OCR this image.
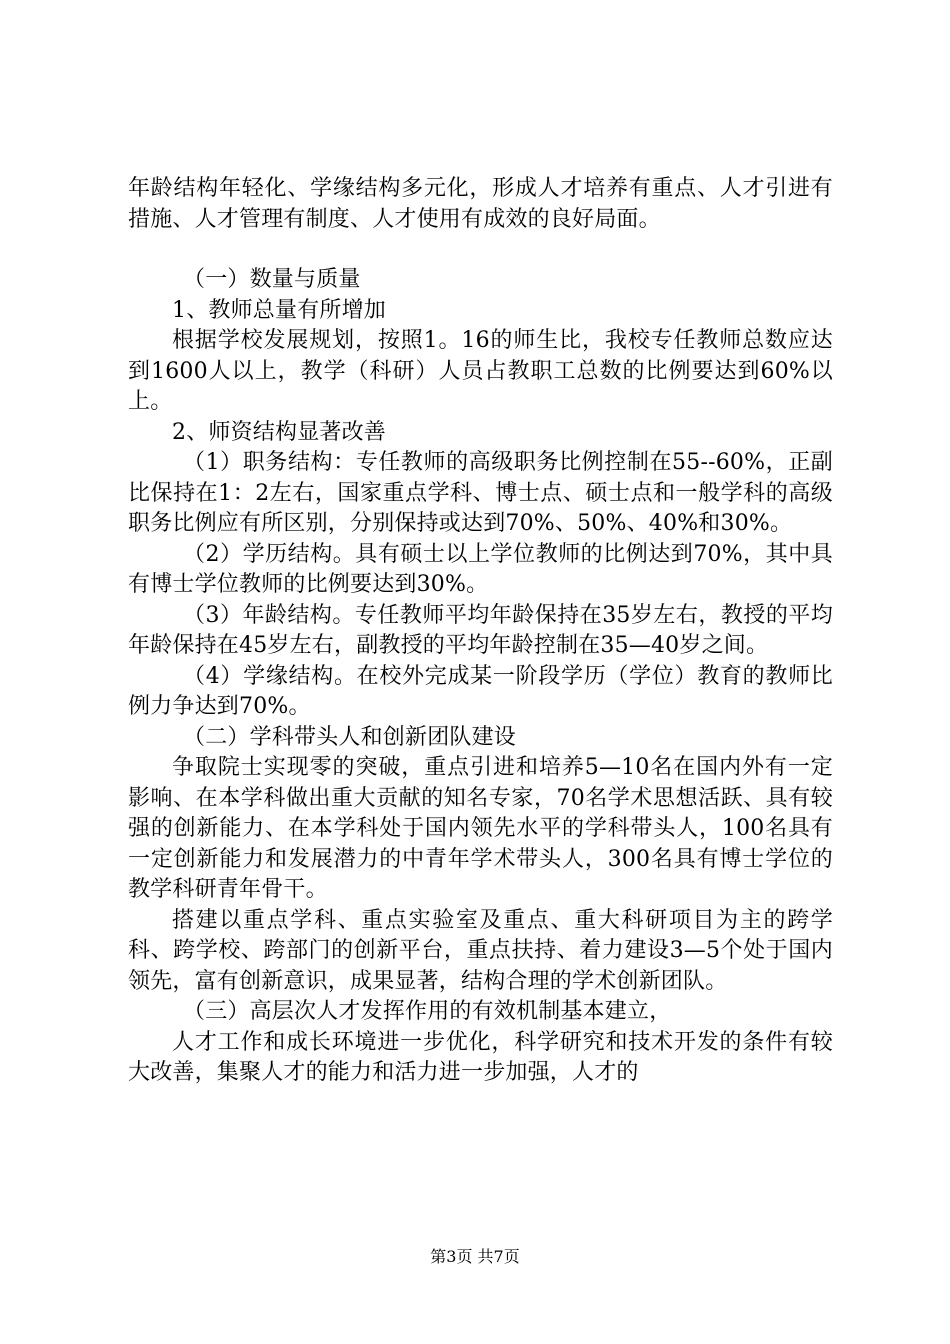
年龄结构年轻化、学缘结构多元化，形成人才培养有重点、人才引进有措施、人才管理有制度、人才使用有成效的良好局面。

（一）数量与质量

1、教师总量有所增加

根据学校发展规划，按照1。16的师生比，我校专任教师总数应达到1600人以上，教学（科研）人员占教职工总数的比例要达到60%以上。

2、师资结构显著改善

（1）职务结构：专任教师的高级职务比例控制在55--60%，正副比保持在1：2左右，国家重点学科、博士点、硕士点和一般学科的高级职务比例应有所区别，分别保持或达到70%、50%、40%和30%。

（2）学历结构。具有硕士以上学位教师的比例达到70%，其中具有博士学位教师的比例要达到30%。

（3）年龄结构。专任教师平均年龄保持在35岁左右，教授的平均年龄保持在45岁左右，副教授的平均年龄控制在35—40岁之间。

（4）学缘结构。在校外完成某一阶段学历（学位）教育的教师比例力争达到70%。

（二）学科带头人和创新团队建设

争取院士实现零的突破，重点引进和培养5—10名在国内外有一定影响、在本学科做出重大贡献的知名专家，70名学术思想活跃、具有较强的创新能力、在本学科处于国内领先水平的学科带头人，100名具有一定创新能力和发展潜力的中青年学术带头人，300名具有博士学位的教学科研青年骨干。

搭建以重点学科、重点实验室及重点、重大科研项目为主的跨学科、跨学校、跨部门的创新平台，重点扶持、着力建设3—5个处于国内领先，富有创新意识，成果显著，结构合理的学术创新团队。

（三）高层次人才发挥作用的有效机制基本建立，

人才工作和成长环境进一步优化，科学研究和技术开发的条件有较大改善，集聚人才的能力和活力进一步加强，人才的

第3页 共7页
